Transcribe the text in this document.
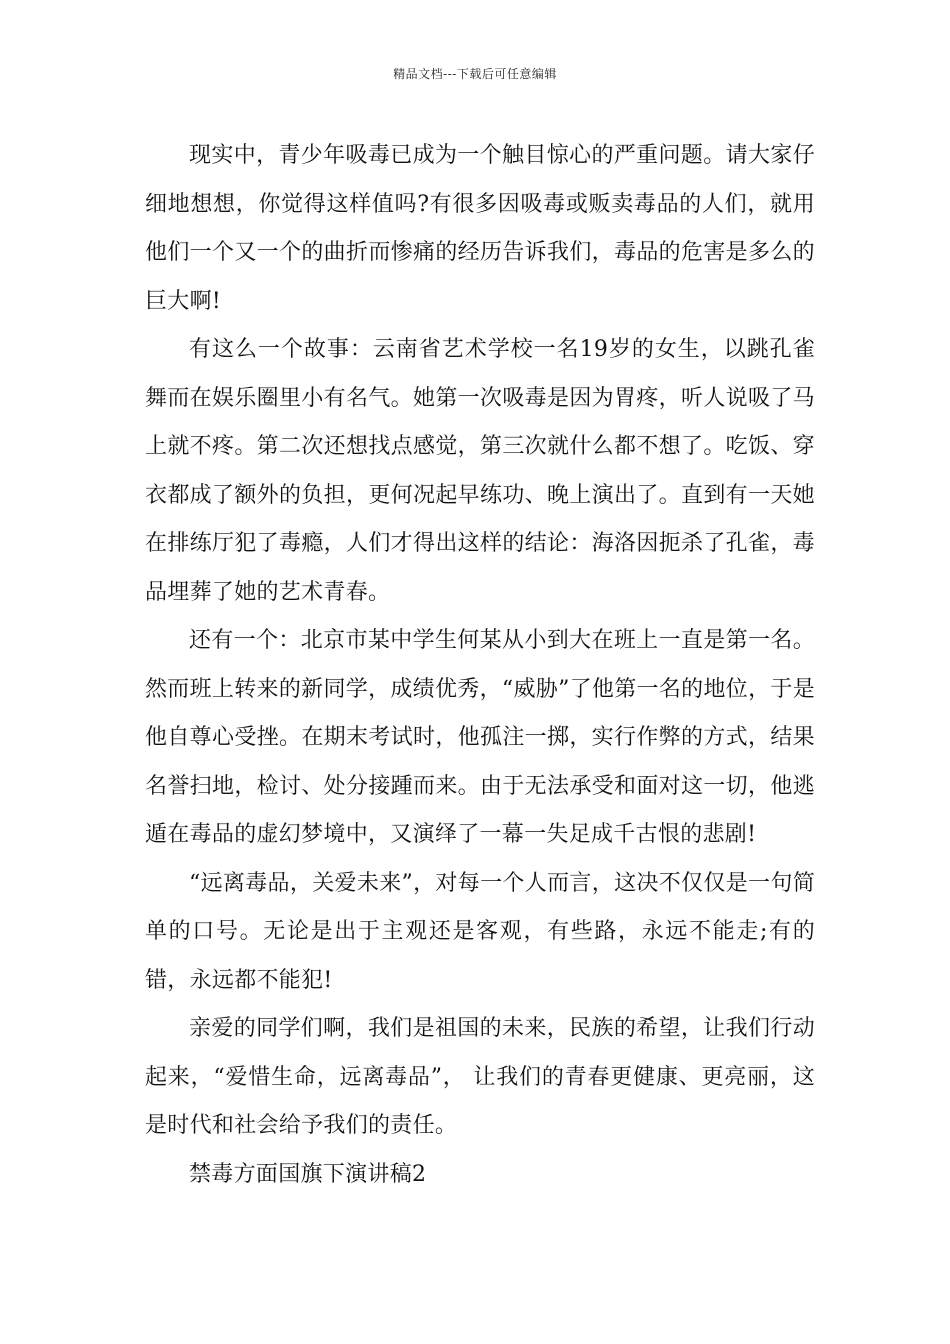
精品文档---下载后可任意编辑

现实中，青少年吸毒已成为一个触目惊心的严重问题。请大家仔细地想想，你觉得这样值吗?有很多因吸毒或贩卖毒品的人们，就用他们一个又一个的曲折而惨痛的经历告诉我们，毒品的危害是多么的巨大啊!

有这么一个故事：云南省艺术学校一名19岁的女生，以跳孔雀舞而在娱乐圈里小有名气。她第一次吸毒是因为胃疼，听人说吸了马上就不疼。第二次还想找点感觉，第三次就什么都不想了。吃饭、穿衣都成了额外的负担，更何况起早练功、晚上演出了。直到有一天她在排练厅犯了毒瘾，人们才得出这样的结论：海洛因扼杀了孔雀，毒品埋葬了她的艺术青春。

还有一个：北京市某中学生何某从小到大在班上一直是第一名。然而班上转来的新同学，成绩优秀，“威胁”了他第一名的地位，于是他自尊心受挫。在期末考试时，他孤注一掷，实行作弊的方式，结果名誉扫地，检讨、处分接踵而来。由于无法承受和面对这一切，他逃遁在毒品的虚幻梦境中，又演绎了一幕一失足成千古恨的悲剧!

“远离毒品，关爱未来”，对每一个人而言，这决不仅仅是一句简单的口号。无论是出于主观还是客观，有些路，永远不能走;有的错，永远都不能犯!

亲爱的同学们啊，我们是祖国的未来，民族的希望，让我们行动起来，“爱惜生命，远离毒品”， 让我们的青春更健康、更亮丽，这是时代和社会给予我们的责任。

禁毒方面国旗下演讲稿2
